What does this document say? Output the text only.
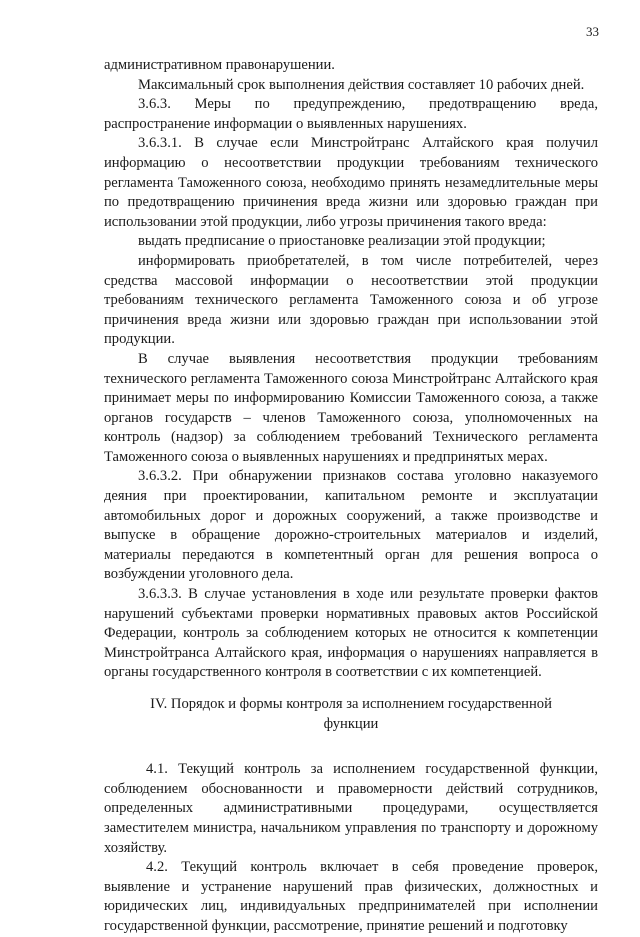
33

административном правонарушении.

Максимальный срок выполнения действия составляет 10 рабочих дней.

3.6.3. Меры по предупреждению, предотвращению вреда, распространение информации о выявленных нарушениях.

3.6.3.1. В случае если Минстройтранс Алтайского края получил информацию о несоответствии продукции требованиям технического регламента Таможенного союза, необходимо принять незамедлительные меры по предотвращению причинения вреда жизни или здоровью граждан при использовании этой продукции, либо угрозы причинения такого вреда:

выдать предписание о приостановке реализации этой продукции;

информировать приобретателей, в том числе потребителей, через средства массовой информации о несоответствии этой продукции требованиям технического регламента Таможенного союза и об угрозе причинения вреда жизни или здоровью граждан при использовании этой продукции.

В случае выявления несоответствия продукции требованиям технического регламента Таможенного союза Минстройтранс Алтайского края принимает меры по информированию Комиссии Таможенного союза, а также органов государств – членов Таможенного союза, уполномоченных на контроль (надзор) за соблюдением требований Технического регламента Таможенного союза о выявленных нарушениях и предпринятых мерах.

3.6.3.2. При обнаружении признаков состава уголовно наказуемого деяния при проектировании, капитальном ремонте и эксплуатации автомобильных дорог и дорожных сооружений, а также производстве и выпуске в обращение дорожно-строительных материалов и изделий, материалы передаются в компетентный орган для решения вопроса о возбуждении уголовного дела.

3.6.3.3. В случае установления в ходе или результате проверки фактов нарушений субъектами проверки нормативных правовых актов Российской Федерации, контроль за соблюдением которых не относится к компетенции Минстройтранса Алтайского края, информация о нарушениях направляется в органы государственного контроля в соответствии с их компетенцией.

IV. Порядок и формы контроля за исполнением государственной функции

4.1. Текущий контроль за исполнением государственной функции, соблюдением обоснованности и правомерности действий сотрудников, определенных административными процедурами, осуществляется заместителем министра, начальником управления по транспорту и дорожному хозяйству.

4.2. Текущий контроль включает в себя проведение проверок, выявление и устранение нарушений прав физических, должностных и юридических лиц, индивидуальных предпринимателей при исполнении государственной функции, рассмотрение, принятие решений и подготовку
